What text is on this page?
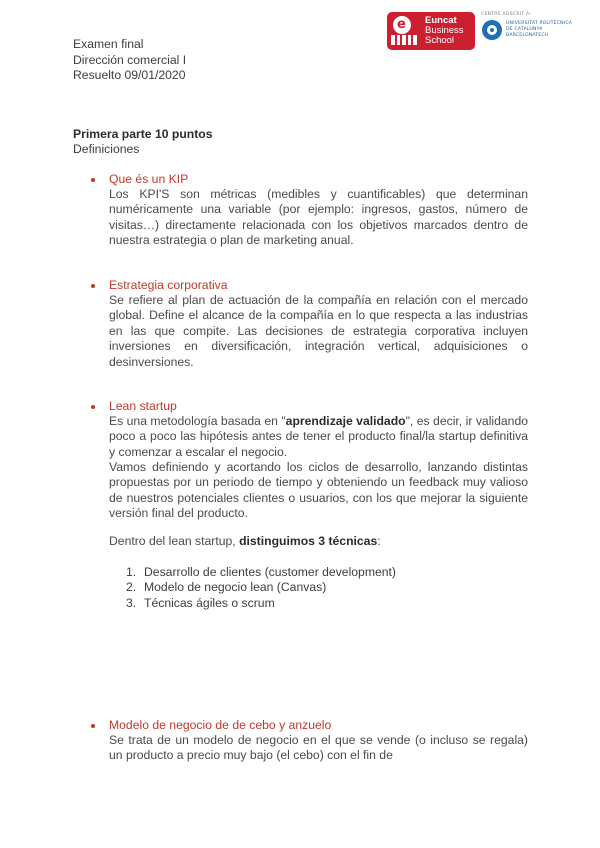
e Euncat
Business
School
CENTRE ADSCRIT A:
UNIVERSITAT POLITÈCNICA DE CATALUNYA BARCELONATECH
Examen final
Dirección comercial I
Resuelto 09/01/2020
Primera parte 10 puntos
Definiciones
Que és un KIP

Los KPI'S son métricas (medibles y cuantificables) que determinan numéricamente una variable (por ejemplo: ingresos, gastos, número de visitas…) directamente relacionada con los objetivos marcados dentro de nuestra estrategia o plan de marketing anual.

Estrategia corporativa

Se refiere al plan de actuación de la compañía en relación con el mercado global. Define el alcance de la compañía en lo que respecta a las industrias en las que compite. Las decisiones de estrategia corporativa incluyen inversiones en diversificación, integración vertical, adquisiciones o desinversiones.

Lean startup

Es una metodología basada en "aprendizaje validado", es decir, ir validando poco a poco las hipótesis antes de tener el producto final/la startup definitiva y comenzar a escalar el negocio.

Vamos definiendo y acortando los ciclos de desarrollo, lanzando distintas propuestas por un periodo de tiempo y obteniendo un feedback muy valioso de nuestros potenciales clientes o usuarios, con los que mejorar la siguiente versión final del producto.

Dentro del lean startup, distinguimos 3 técnicas:
1. Desarrollo de clientes (customer development)
2. Modelo de negocio lean (Canvas)
3. Técnicas ágiles o scrum
Modelo de negocio de de cebo y anzuelo

Se trata de un modelo de negocio en el que se vende (o incluso se regala) un producto a precio muy bajo (el cebo) con el fin de
